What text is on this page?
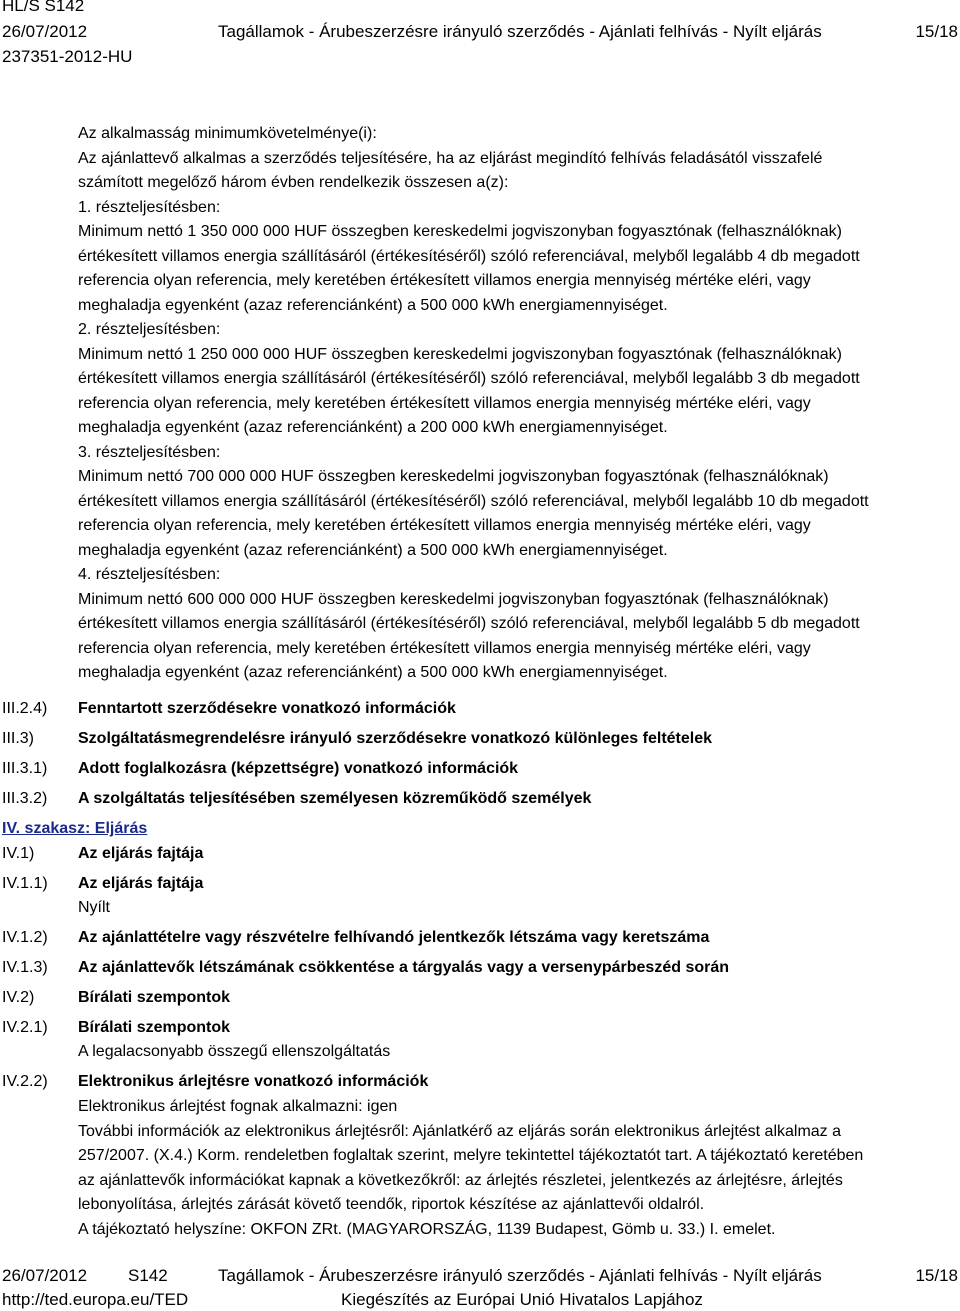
HL/S S142
26/07/2012	Tagállamok - Árubeszerzésre irányuló szerződés - Ajánlati felhívás - Nyílt eljárás	15/18
237351-2012-HU
Az alkalmasság minimumkövetelménye(i):
Az ajánlattevő alkalmas a szerződés teljesítésére, ha az eljárást megindító felhívás feladásától visszafelé
számított megelőző három évben rendelkezik összesen a(z):
1. részteljesítésben:
Minimum nettó 1 350 000 000 HUF összegben kereskedelmi jogviszonyban fogyasztónak (felhasználóknak)
értékesített villamos energia szállításáról (értékesítéséről) szóló referenciával, melyből legalább 4 db megadott
referencia olyan referencia, mely keretében értékesített villamos energia mennyiség mértéke eléri, vagy
meghaladja egyenként (azaz referenciánként) a 500 000 kWh energiamennyiséget.
2. részteljesítésben:
Minimum nettó 1 250 000 000 HUF összegben kereskedelmi jogviszonyban fogyasztónak (felhasználóknak)
értékesített villamos energia szállításáról (értékesítéséről) szóló referenciával, melyből legalább 3 db megadott
referencia olyan referencia, mely keretében értékesített villamos energia mennyiség mértéke eléri, vagy
meghaladja egyenként (azaz referenciánként) a 200 000 kWh energiamennyiséget.
3. részteljesítésben:
Minimum nettó 700 000 000 HUF összegben kereskedelmi jogviszonyban fogyasztónak (felhasználóknak)
értékesített villamos energia szállításáról (értékesítéséről) szóló referenciával, melyből legalább 10 db megadott
referencia olyan referencia, mely keretében értékesített villamos energia mennyiség mértéke eléri, vagy
meghaladja egyenként (azaz referenciánként) a 500 000 kWh energiamennyiséget.
4. részteljesítésben:
Minimum nettó 600 000 000 HUF összegben kereskedelmi jogviszonyban fogyasztónak (felhasználóknak)
értékesített villamos energia szállításáról (értékesítéséről) szóló referenciával, melyből legalább 5 db megadott
referencia olyan referencia, mely keretében értékesített villamos energia mennyiség mértéke eléri, vagy
meghaladja egyenként (azaz referenciánként) a 500 000 kWh energiamennyiséget.
III.2.4) Fenntartott szerződésekre vonatkozó információk
III.3)	Szolgáltatásmegrendelésre irányuló szerződésekre vonatkozó különleges feltételek
III.3.1) Adott foglalkozásra (képzettségre) vonatkozó információk
III.3.2) A szolgáltatás teljesítésében személyesen közreműködő személyek
IV. szakasz: Eljárás
IV.1)	Az eljárás fajtája
IV.1.1) Az eljárás fajtája
Nyílt
IV.1.2) Az ajánlattételre vagy részvételre felhívandó jelentkezők létszáma vagy keretszáma
IV.1.3) Az ajánlattevők létszámának csökkentése a tárgyalás vagy a versenypárbeszéd során
IV.2)	Bírálati szempontok
IV.2.1) Bírálati szempontok
A legalacsonyabb összegű ellenszolgáltatás
IV.2.2) Elektronikus árlejtésre vonatkozó információk
Elektronikus árlejtést fognak alkalmazni: igen
További információk az elektronikus árlejtésről: Ajánlatkérő az eljárás során elektronikus árlejtést alkalmaz a
257/2007. (X.4.) Korm. rendeletben foglaltak szerint, melyre tekintettel tájékoztatót tart. A tájékoztató keretében
az ajánlattevők információkat kapnak a következőkről: az árlejtés részletei, jelentkezés az árlejtésre, árlejtés
lebonyolítása, árlejtés zárását követő teendők, riportok készítése az ajánlattevői oldalról.
A tájékoztató helyszíne: OKFON ZRt. (MAGYARORSZÁG, 1139 Budapest, Gömb u. 33.) I. emelet.
26/07/2012 S142	Tagállamok - Árubeszerzésre irányuló szerződés - Ajánlati felhívás - Nyílt eljárás	15/18
http://ted.europa.eu/TED	Kiegészítés az Európai Unió Hivatalos Lapjához
